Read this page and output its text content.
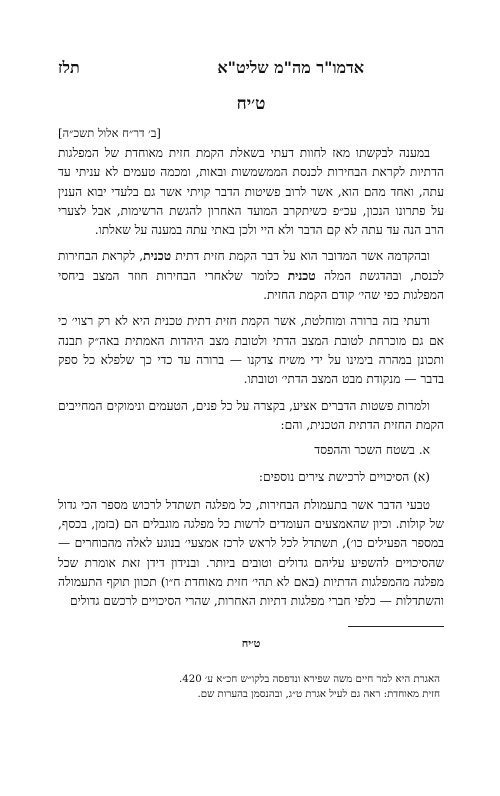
אדמו"ר מה"מ שליט"א
תלז
ט׳יח
[ב׳ דר״ח אלול תשכ״ה]

במענה לבקשתו מאז לחוות דעתי בשאלת הקמת חזית מאוחדת של המפלגות הדתיות לקראת הבחירות לכנסת הממשמשות ובאות, ומכמה טעמים לא עניתי עד עתה, ואחד מהם הוא, אשר לרוב פשיטות הדבר קויתי אשר גם בלעדי יבוא הענין על פתרונו הנכון, עכ״פ כשיתקרב המועד האחרון להגשת הרשימות, אבל לצערי הרב הנה עד עתה לא קם הדבר ולא היי ולכן באתי עתה במענה על שאלתו.

ובהקדמה אשר המדובר הוא על דבר הקמת חזית דתית טכנית, לקראת הבחירות לכנסת, ובהדגשת המלה טכנית כלומר שלאחרי הבחירות חוזר המצב ביחסי המפלגות כפי שהי׳ קודם הקמת החזית.

ודעתי בזה ברורה ומוחלטת, אשר הקמת חזית דתית טכנית היא לא רק רצוי׳ כי אם גם מוכרחת לטובת המצב הדתי ולטובת מצב היהדות האמתית באה״ק תבנה ותכונן במהרה בימינו על ידי משיח צדקנו — ברורה עד כדי כך שלפלא כל ספק בדבר — מנקודת מבט המצב הדתי׳ וטובתו.

ולמרות פשטות הדברים אציע, בקצרה על כל פנים, הטעמים ונימוקים המחייבים הקמת החזית הדתית הטכנית, והם:

א. בשטח השכר וההפסד
(א) הסיכויים לרכישת צירים נוספים:

טבעי הדבר אשר בתעמולת הבחירות, כל מפלגה תשתדל לרכוש מספר הכי גדול של קולות. וכיון שהאמצעים העומדים לרשות כל מפלגה מוגבלים הם (בזמן, בכסף, במספר הפעילים כו׳), תשתדל לכל לראש לרכז אמצעי׳ בנוגע לאלה מהבוחרים — שהסיכויים להשפיע עליהם גדולים וטובים ביותר. ובנידון דידן זאת אומרת שכל מפלגה מהמפלגות הדתיות (באם לא תהי׳ חזית מאוחדת ח״ו) תכוון תוקף התעמולה והשתדלות — כלפי חברי מפלגות דתיות האחרות, שהרי הסיכויים לרכשם גדולים

ט׳יח

האגרת היא למר חיים משה שפירא ונדפסה בלקו״ש חכ״א ע׳ 420.

חזית מאוחדת: ראה גם לעיל אגרת ט״ג, ובהנסמן בהערות שם.
